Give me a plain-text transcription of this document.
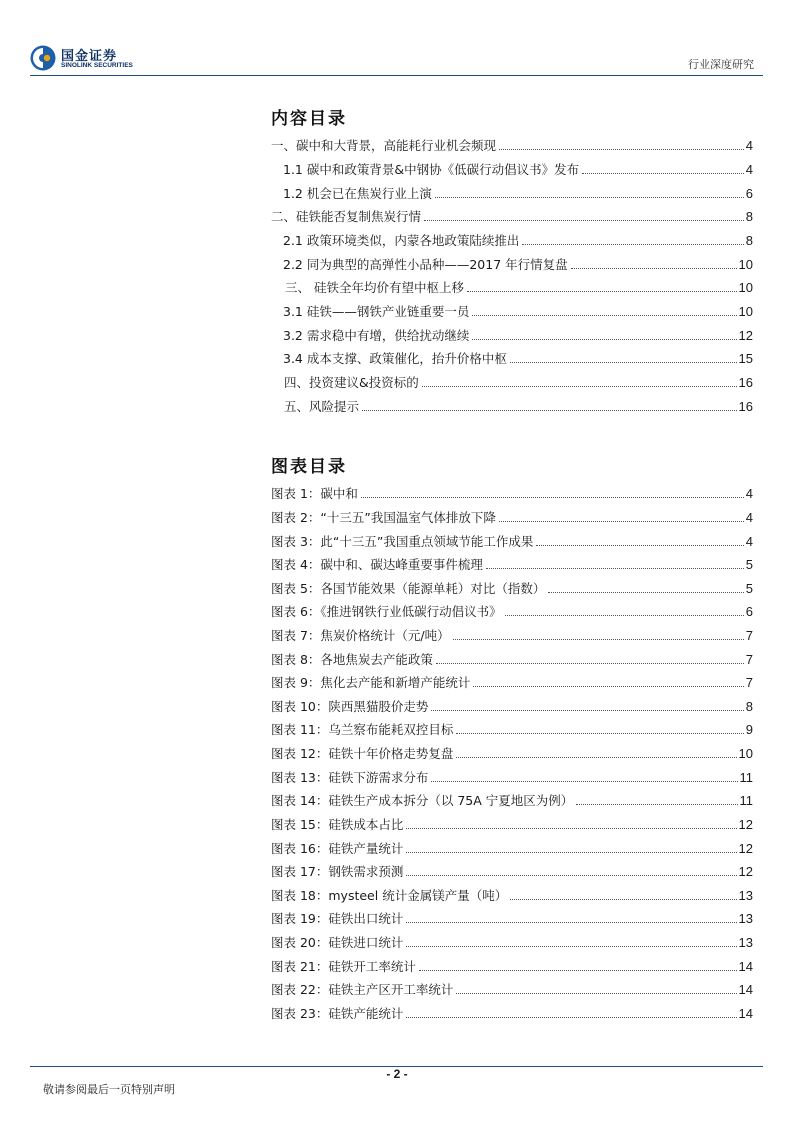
国金证券
SINOLINK SECURITIES	行业深度研究
内容目录
一、碳中和大背景，高能耗行业机会频现	4
1.1 碳中和政策背景&中钢协《低碳行动倡议书》发布	4
1.2 机会已在焦炭行业上演	6
二、硅铁能否复制焦炭行情	8
2.1 政策环境类似，内蒙各地政策陆续推出	8
2.2 同为典型的高弹性小品种——2017 年行情复盘	10
三、 硅铁全年均价有望中枢上移	10
3.1 硅铁——钢铁产业链重要一员	10
3.2 需求稳中有增，供给扰动继续	12
3.4 成本支撑、政策催化，抬升价格中枢	15
四、投资建议&投资标的	16
五、风险提示	16
图表目录
图表 1：碳中和	4
图表 2：“十三五”我国温室气体排放下降	4
图表 3：此“十三五”我国重点领域节能工作成果	4
图表 4：碳中和、碳达峰重要事件梳理	5
图表 5：各国节能效果（能源单耗）对比（指数）	5
图表 6：《推进钢铁行业低碳行动倡议书》	6
图表 7：焦炭价格统计（元/吨）	7
图表 8：各地焦炭去产能政策	7
图表 9：焦化去产能和新增产能统计	7
图表 10：陕西黑猫股价走势	8
图表 11：乌兰察布能耗双控目标	9
图表 12：硅铁十年价格走势复盘	10
图表 13：硅铁下游需求分布	11
图表 14：硅铁生产成本拆分（以 75A 宁夏地区为例）	11
图表 15：硅铁成本占比	12
图表 16：硅铁产量统计	12
图表 17：钢铁需求预测	12
图表 18：mysteel 统计金属镁产量（吨）	13
图表 19：硅铁出口统计	13
图表 20：硅铁进口统计	13
图表 21：硅铁开工率统计	14
图表 22：硅铁主产区开工率统计	14
图表 23：硅铁产能统计	14
- 2 -
敬请参阅最后一页特别声明
